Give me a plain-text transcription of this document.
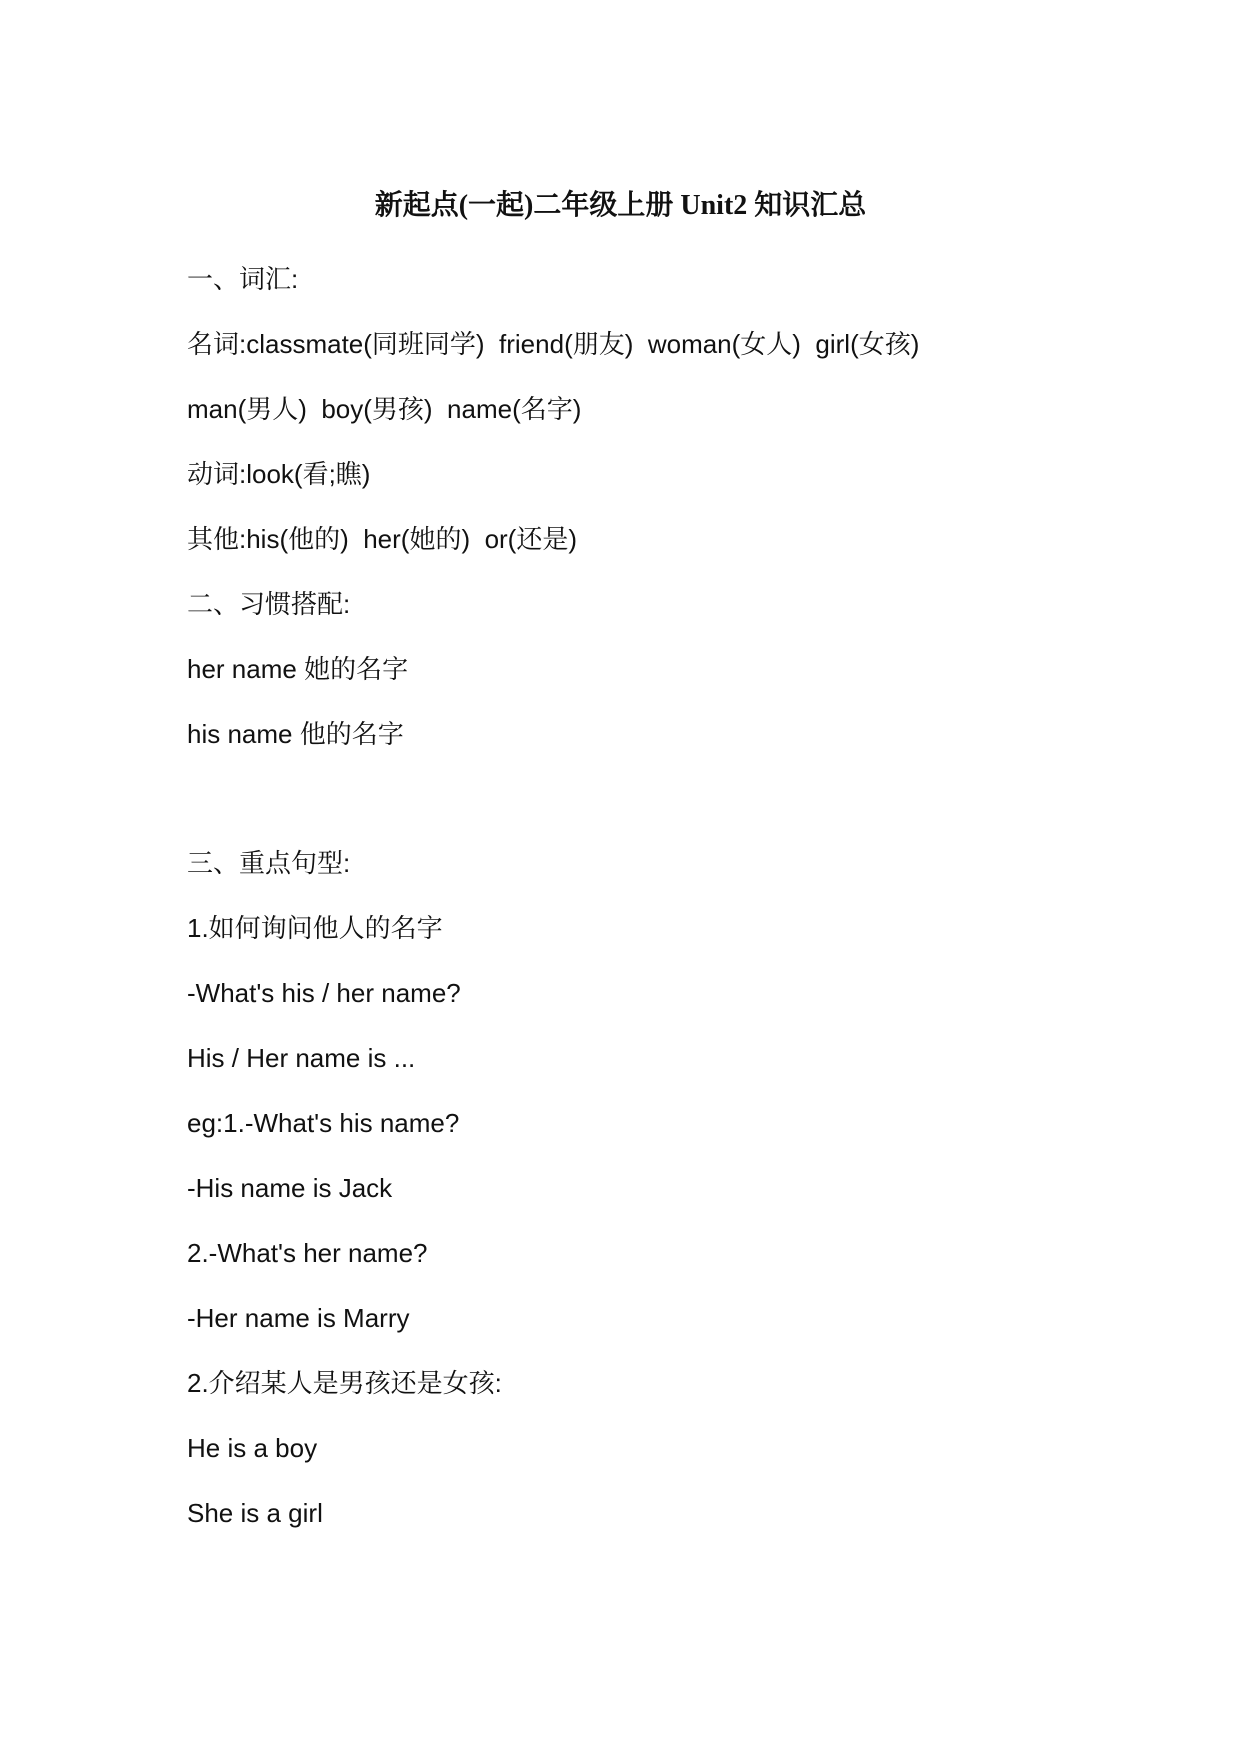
新起点(一起)二年级上册 Unit2 知识汇总
一、词汇:
名词:classmate(同班同学)  friend(朋友)  woman(女人)  girl(女孩)
man(男人)  boy(男孩)  name(名字)
动词:look(看;瞧)
其他:his(他的)  her(她的)  or(还是)
二、习惯搭配:
her name 她的名字
his name 他的名字
三、重点句型:
1.如何询问他人的名字
-What's his / her name?
His / Her name is ...
eg:1.-What's his name?
-His name is Jack
2.-What's her name?
-Her name is Marry
2.介绍某人是男孩还是女孩:
He is a boy
She is a girl
